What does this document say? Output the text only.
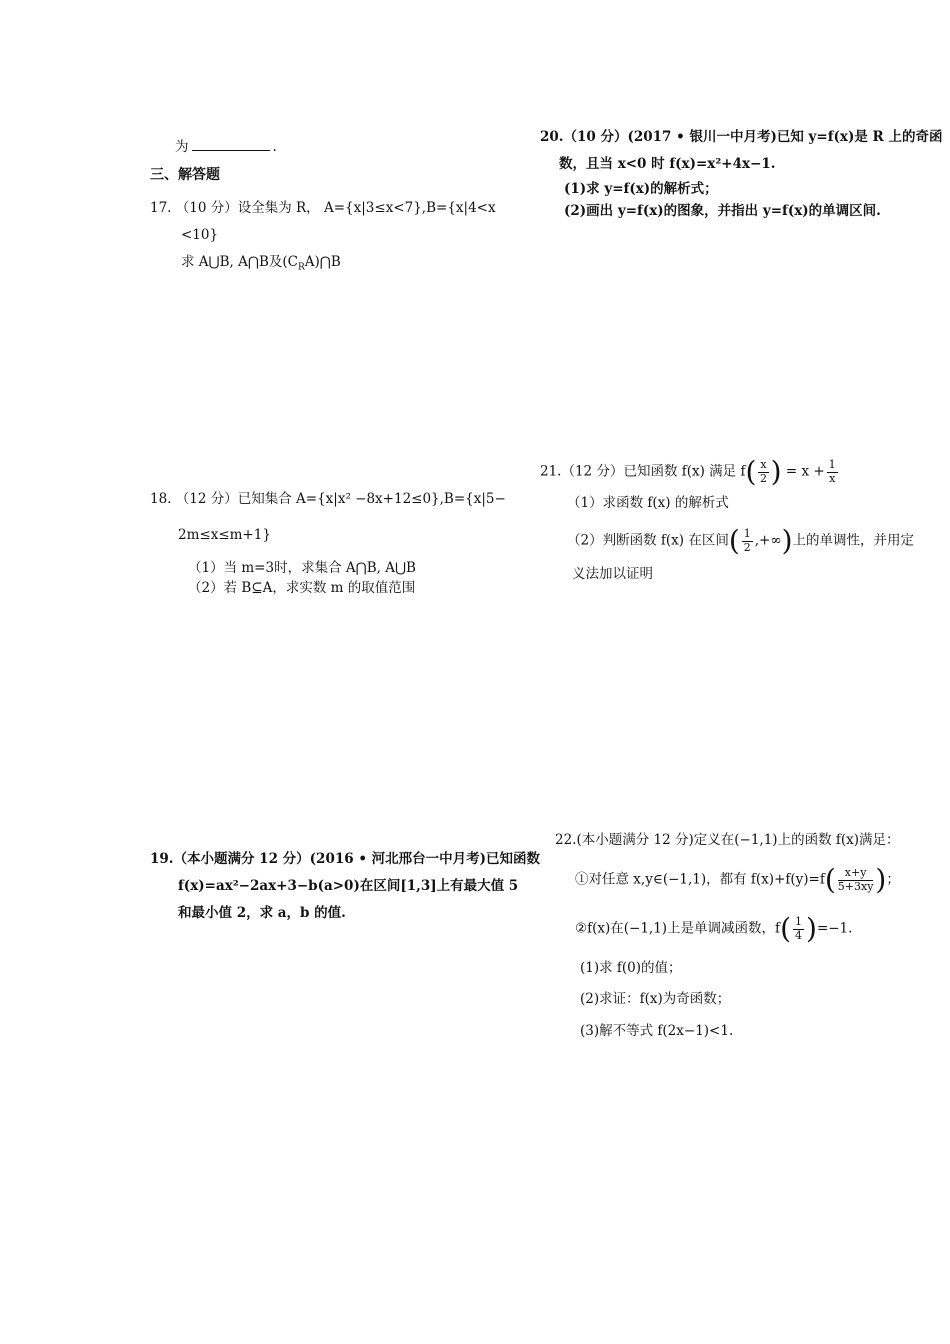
为	.
三、解答题
17. （10 分）设全集为 R， A={x|3≤x<7},B={x|4<x
<10}
求 A⋃B, A⋂B及$(C_RA)⋂B$
18. （12 分）已知集合 A={x|x² −8x+12≤0},B={x|5−
2m≤x≤m+1}
（1）当 m=3时，求集合 A⋂B, A⋃B
（2）若 B⊆A，求实数 m 的取值范围
19.（本小题满分 12 分）(2016 • 河北邢台一中月考)已知函数
f(x)=ax²−2ax+3−b(a>0)在区间[1,3]上有最大值 5
和最小值 2，求 a，b 的值.
20.（10 分）(2017 • 银川一中月考)已知 y=f(x)是 R 上的奇函
数，且当 x<0 时 f(x)=x²+4x−1.
(1)求 y=f(x)的解析式；
(2)画出 y=f(x)的图象，并指出 y=f(x)的单调区间.
21.（12 分）已知函数 f(x) 满足 $f( \frac{x}{2}$ ) = $x + \frac{1}{x}$
（1）求函数 f(x) 的解析式
（2）判断函数 f(x) 在区间( $\frac{1}{2}$ ,+∞)上的单调性，并用定
义法加以证明
22.(本小题满分 12 分)定义在(−1,1)上的函数 f(x)满足：
①对任意 x,y∈(−1,1)，都有 $f(x)+f(y)=f( \frac{x+y}{5+3xy}$ )；
②f(x)在(−1,1)上是单调减函数，$f( \frac{1}{4} )=-1$.
(1)求 f(0)的值；
(2)求证：f(x)为奇函数；
(3)解不等式 f(2x−1)<1.
